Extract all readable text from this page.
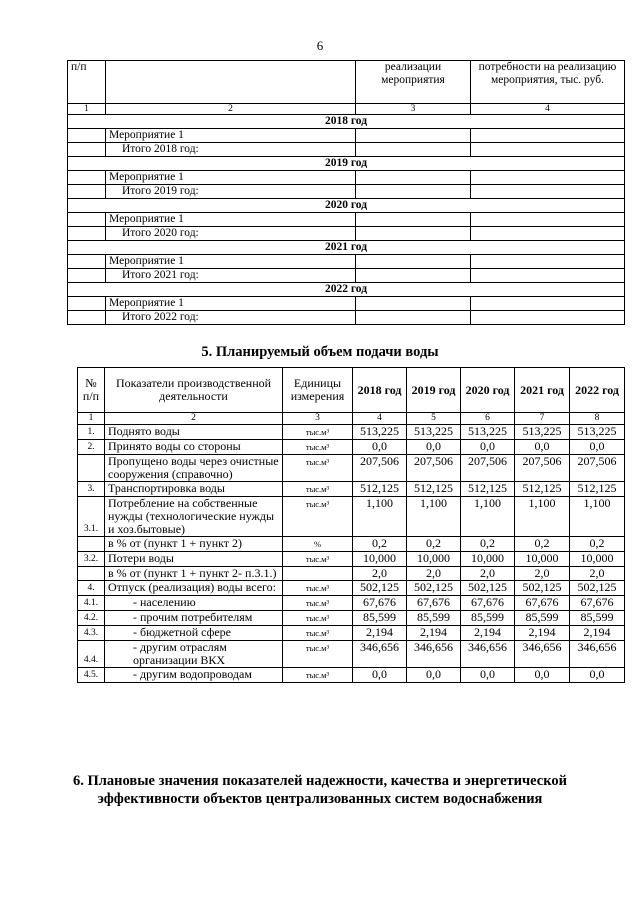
6
п/п		реализации мероприятия	потребности на реализацию мероприятия, тыс. руб.
1	2	3	4
2018 год			
	Мероприятие 1		
	Итого 2018 год:		
2019 год			
	Мероприятие 1		
	Итого 2019 год:		
2020 год			
	Мероприятие 1		
	Итого 2020 год:		
2021 год			
	Мероприятие 1		
	Итого 2021 год:		
2022 год			
	Мероприятие 1		
	Итого 2022 год:		
5. Планируемый объем подачи воды
№ п/п	Показатели производственной деятельности	Единицы измерения	2018 год	2019 год	2020 год	2021 год	2022 год
1	2	3	4	5	6	7	8
1.	Поднято воды	тыс.м³	513,225	513,225	513,225	513,225	513,225
2.	Принято воды со стороны	тыс.м³	0,0	0,0	0,0	0,0	0,0
	Пропущено воды через очистные сооружения (справочно)	тыс.м³	207,506	207,506	207,506	207,506	207,506
3.	Транспортировка воды	тыс.м³	512,125	512,125	512,125	512,125	512,125
3.1.	Потребление на собственные нужды (технологические нужды и хоз.бытовые)	тыс.м³	1,100	1,100	1,100	1,100	1,100
	в % от (пункт 1 + пункт 2)	%	0,2	0,2	0,2	0,2	0,2
3.2.	Потери воды	тыс.м³	10,000	10,000	10,000	10,000	10,000
	в % от (пункт 1 + пункт 2- п.3.1.)		2,0	2,0	2,0	2,0	2,0
4.	Отпуск (реализация) воды всего:	тыс.м³	502,125	502,125	502,125	502,125	502,125
4.1.	- населению	тыс.м³	67,676	67,676	67,676	67,676	67,676
4.2.	- прочим потребителям	тыс.м³	85,599	85,599	85,599	85,599	85,599
4.3.	- бюджетной сфере	тыс.м³	2,194	2,194	2,194	2,194	2,194
4.4.	- другим отраслям организации ВКХ	тыс.м³	346,656	346,656	346,656	346,656	346,656
4.5.	- другим водопроводам	тыс.м³	0,0	0,0	0,0	0,0	0,0
6. Плановые значения показателей надежности, качества и энергетической эффективности объектов централизованных систем водоснабжения
